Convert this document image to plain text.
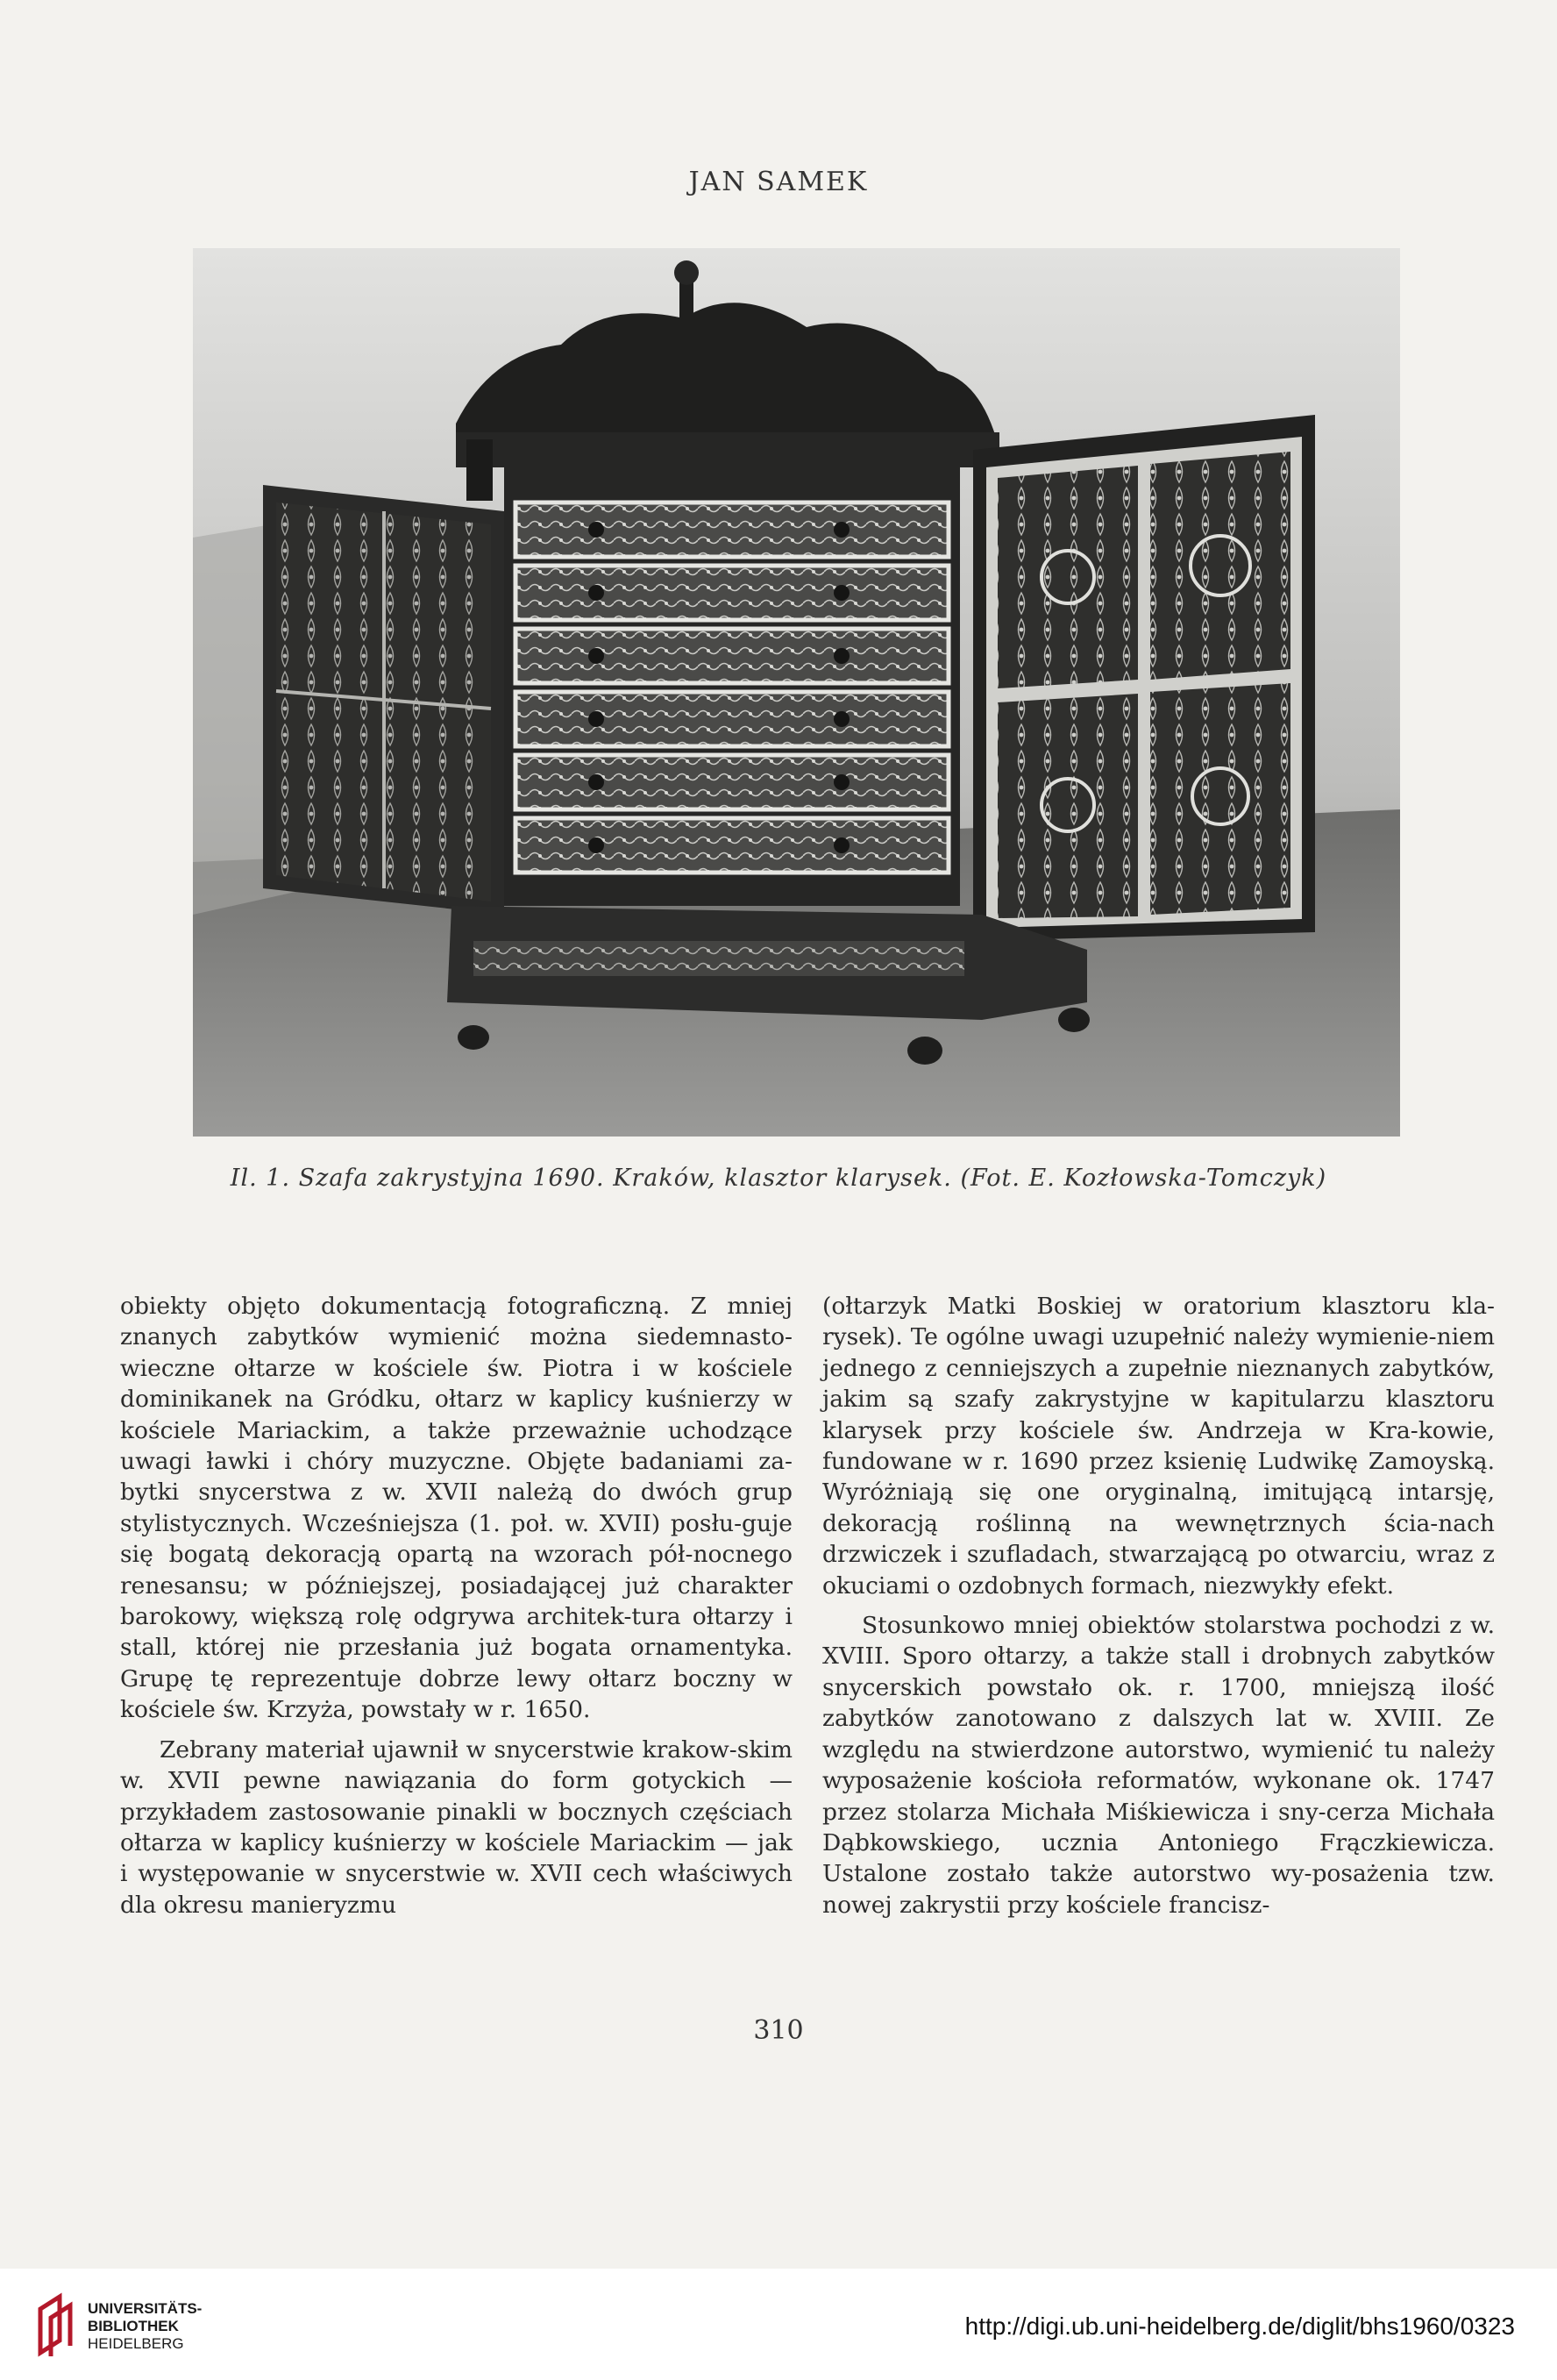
JAN SAMEK
Il. 1. Szafa zakrystyjna 1690. Kraków, klasztor klarysek. (Fot. E. Kozłowska-Tomczyk)

obiekty objęto dokumentacją fotograficzną. Z mniej znanych zabytków wymienić można siedemnasto-wieczne ołtarze w kościele św. Piotra i w kościele dominikanek na Gródku, ołtarz w kaplicy kuśnierzy w kościele Mariackim, a także przeważnie uchodzące uwagi ławki i chóry muzyczne. Objęte badaniami za-bytki snycerstwa z w. XVII należą do dwóch grup stylistycznych. Wcześniejsza (1. poł. w. XVII) posłu-guje się bogatą dekoracją opartą na wzorach pół-nocnego renesansu; w późniejszej, posiadającej już charakter barokowy, większą rolę odgrywa architek-tura ołtarzy i stall, której nie przesłania już bogata ornamentyka. Grupę tę reprezentuje dobrze lewy ołtarz boczny w kościele św. Krzyża, powstały w r. 1650.

Zebrany materiał ujawnił w snycerstwie krakow-skim w. XVII pewne nawiązania do form gotyckich — przykładem zastosowanie pinakli w bocznych częściach ołtarza w kaplicy kuśnierzy w kościele Mariackim — jak i występowanie w snycerstwie w. XVII cech właściwych dla okresu manieryzmu

(ołtarzyk Matki Boskiej w oratorium klasztoru kla-rysek). Te ogólne uwagi uzupełnić należy wymienie-niem jednego z cenniejszych a zupełnie nieznanych zabytków, jakim są szafy zakrystyjne w kapitularzu klasztoru klarysek przy kościele św. Andrzeja w Kra-kowie, fundowane w r. 1690 przez ksienię Ludwikę Zamoyską. Wyróżniają się one oryginalną, imitującą intarsję, dekoracją roślinną na wewnętrznych ścia-nach drzwiczek i szufladach, stwarzającą po otwarciu, wraz z okuciami o ozdobnych formach, niezwykły efekt.

Stosunkowo mniej obiektów stolarstwa pochodzi z w. XVIII. Sporo ołtarzy, a także stall i drobnych zabytków snycerskich powstało ok. r. 1700, mniejszą ilość zabytków zanotowano z dalszych lat w. XVIII. Ze względu na stwierdzone autorstwo, wymienić tu należy wyposażenie kościoła reformatów, wykonane ok. 1747 przez stolarza Michała Miśkiewicza i sny-cerza Michała Dąbkowskiego, ucznia Antoniego Frączkiewicza. Ustalone zostało także autorstwo wy-posażenia tzw. nowej zakrystii przy kościele francisz-

310
UNIVERSITÄTS-
BIBLIOTHEK
HEIDELBERG
http://digi.ub.uni-heidelberg.de/diglit/bhs1960/0323
